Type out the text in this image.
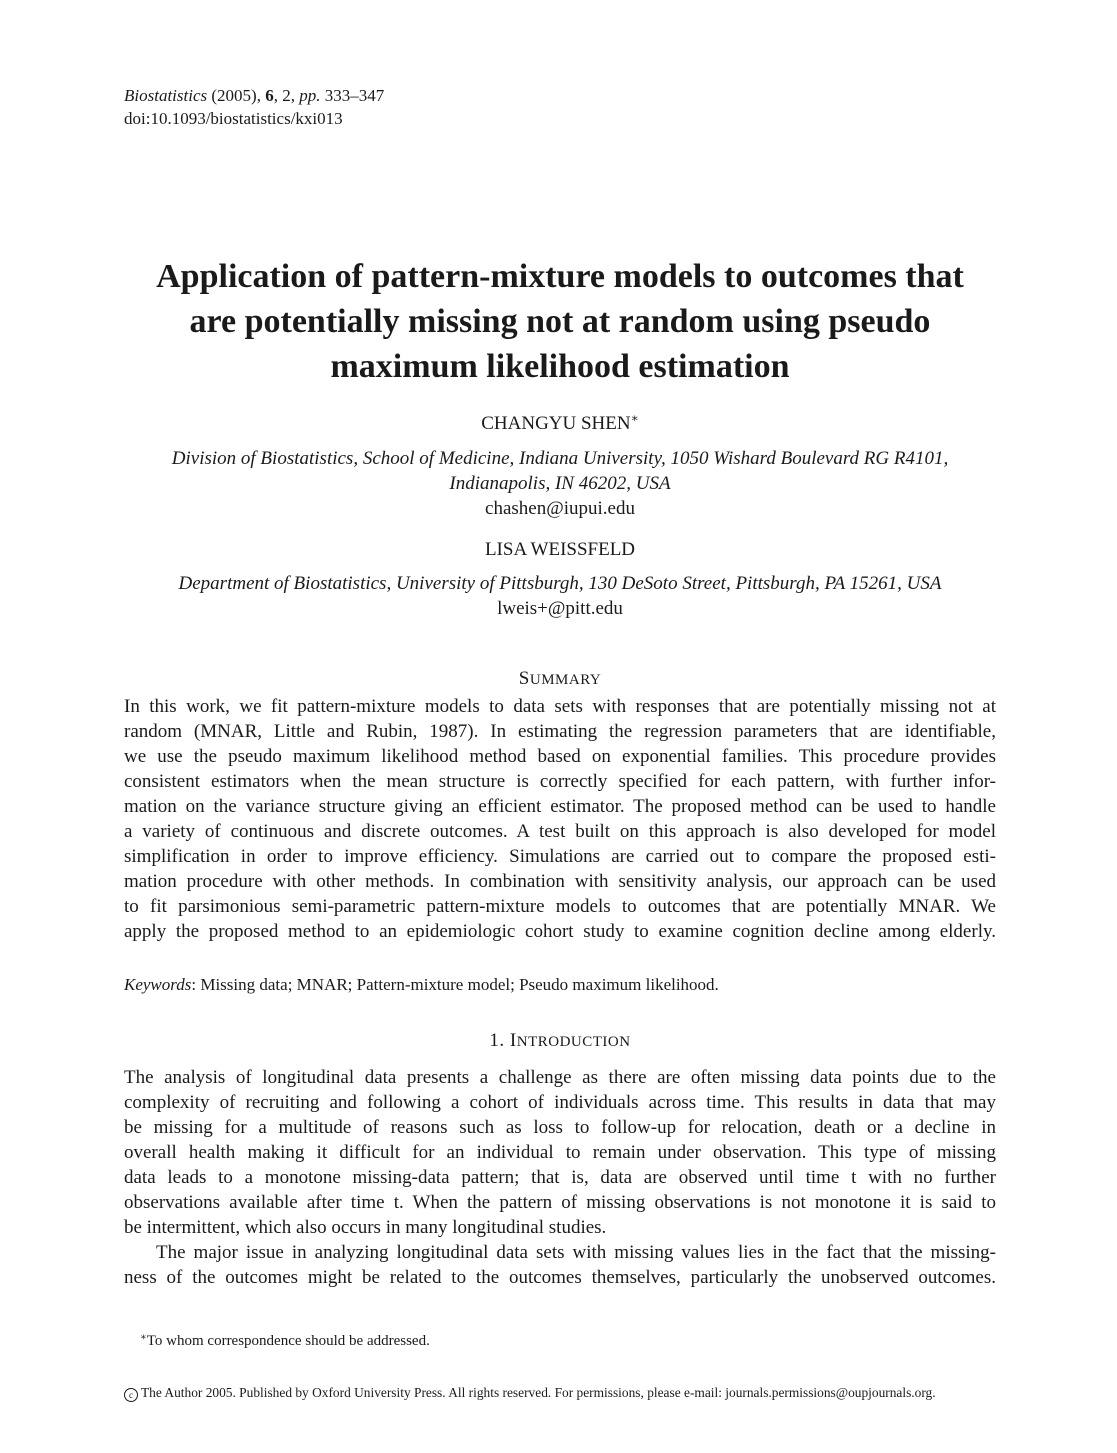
Biostatistics (2005), 6, 2, pp. 333–347
doi:10.1093/biostatistics/kxi013
Application of pattern-mixture models to outcomes that
are potentially missing not at random using pseudo
maximum likelihood estimation
CHANGYU SHEN∗
Division of Biostatistics, School of Medicine, Indiana University, 1050 Wishard Boulevard RG R4101,
Indianapolis, IN 46202, USA
chashen@iupui.edu
LISA WEISSFELD
Department of Biostatistics, University of Pittsburgh, 130 DeSoto Street, Pittsburgh, PA 15261, USA
lweis+@pitt.edu
SUMMARY
In this work, we fit pattern-mixture models to data sets with responses that are potentially missing not at
random (MNAR, Little and Rubin, 1987). In estimating the regression parameters that are identifiable,
we use the pseudo maximum likelihood method based on exponential families. This procedure provides
consistent estimators when the mean structure is correctly specified for each pattern, with further infor-
mation on the variance structure giving an efficient estimator. The proposed method can be used to handle
a variety of continuous and discrete outcomes. A test built on this approach is also developed for model
simplification in order to improve efficiency. Simulations are carried out to compare the proposed esti-
mation procedure with other methods. In combination with sensitivity analysis, our approach can be used
to fit parsimonious semi-parametric pattern-mixture models to outcomes that are potentially MNAR. We
apply the proposed method to an epidemiologic cohort study to examine cognition decline among elderly.
Keywords: Missing data; MNAR; Pattern-mixture model; Pseudo maximum likelihood.
1. INTRODUCTION
The analysis of longitudinal data presents a challenge as there are often missing data points due to the
complexity of recruiting and following a cohort of individuals across time. This results in data that may
be missing for a multitude of reasons such as loss to follow-up for relocation, death or a decline in
overall health making it difficult for an individual to remain under observation. This type of missing
data leads to a monotone missing-data pattern; that is, data are observed until time t with no further
observations available after time t. When the pattern of missing observations is not monotone it is said to
be intermittent, which also occurs in many longitudinal studies.
The major issue in analyzing longitudinal data sets with missing values lies in the fact that the missing-
ness of the outcomes might be related to the outcomes themselves, particularly the unobserved outcomes.
∗To whom correspondence should be addressed.
c The Author 2005. Published by Oxford University Press. All rights reserved. For permissions, please e-mail: journals.permissions@oupjournals.org.
